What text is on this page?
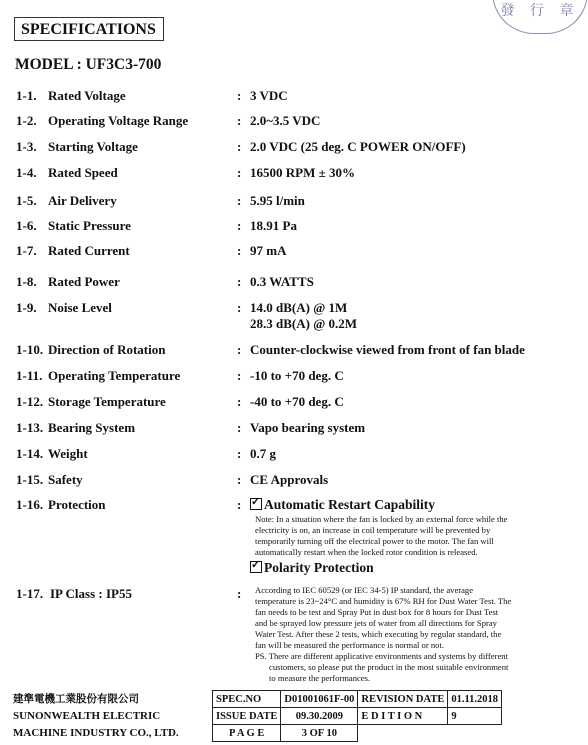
發 行 章
SPECIFICATIONS
MODEL : UF3C3-700
1-1. Rated Voltage	: 3 VDC
1-2. Operating Voltage Range	: 2.0~3.5 VDC
1-3. Starting Voltage	: 2.0 VDC (25 deg. C POWER ON/OFF)
1-4. Rated Speed	: 16500 RPM ± 30%
1-5. Air Delivery	: 5.95 l/min
1-6. Static Pressure	: 18.91 Pa
1-7. Rated Current	: 97 mA
1-8. Rated Power	: 0.3 WATTS
1-9. Noise Level	: 14.0 dB(A) @ 1M
28.3 dB(A) @ 0.2M
1-10. Direction of Rotation	: Counter-clockwise viewed from front of fan blade
1-11. Operating Temperature	: -10 to +70 deg. C
1-12. Storage Temperature	: -40 to +70 deg. C
1-13. Bearing System	: Vapo bearing system
1-14. Weight	: 0.7 g
1-15. Safety	: CE Approvals
1-16. Protection	: ✓	Automatic Restart Capability
Note: In a situation where the fan is locked by an external force while the
electricity is on, an increase in coil temperature will be prevented by
temporarily turning off the electrical power to the motor. The fan will
automatically restart when the locked rotor condition is released.
✓Polarity Protection
1-17. IP Class : IP55	: According to IEC 60529 (or IEC 34-5) IP standard, the average
temperature is 23~24°C and humidity is 67% RH for Dust Water Test. The
fan needs to be test and Spray Put in dust box for 8 hours for Dust Test
and be sprayed low pressure jets of water from all directions for Spray
Water Test. After these 2 tests, which executing by regular standard, the
fan will be measured the performance is normal or not.
PS. There are different applicative environments and systems by different
customers, so please put the product in the most suitable environment
to measure the performances.
建準電機工業股份有限公司	SPEC.NO	D01001061F-00	REVISION DATE	01.11.2018
SUNONWEALTH ELECTRIC	ISSUE DATE	09.30.2009	E D I T I O N	9
MACHINE INDUSTRY CO., LTD.	P A G E	3 OF 10		
